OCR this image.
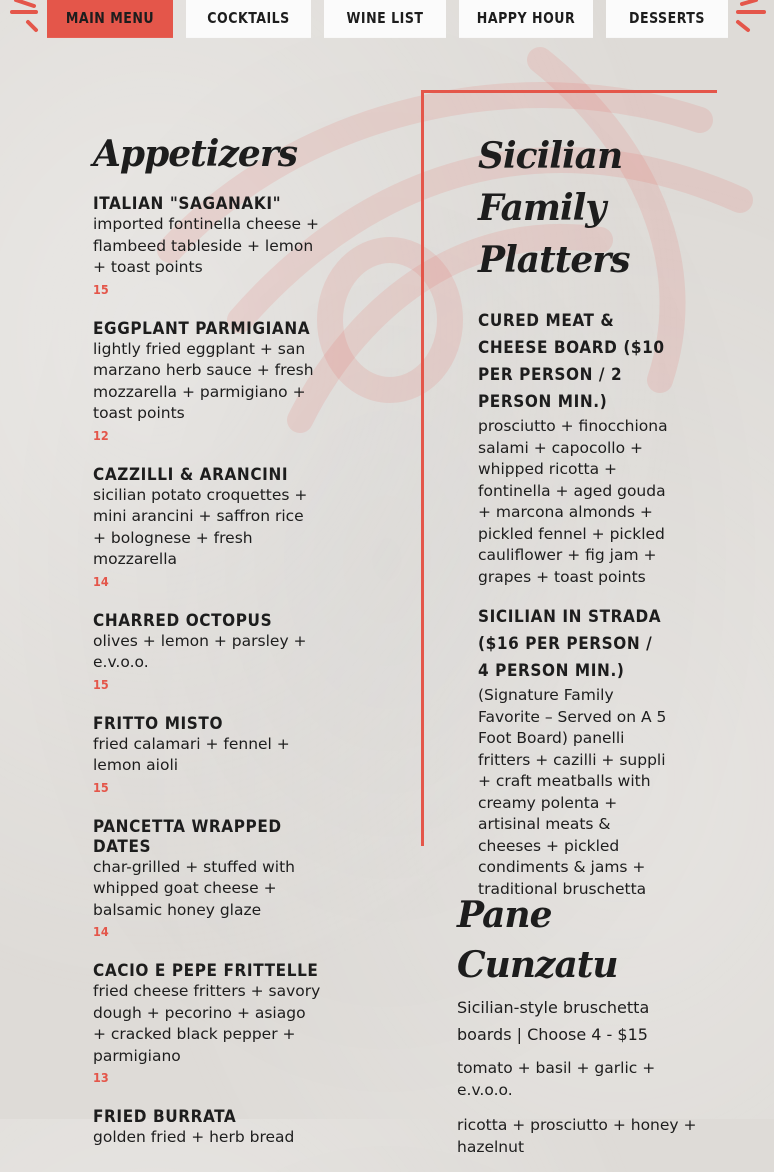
MAIN MENU	COCKTAILS	WINE LIST	HAPPY HOUR	DESSERTS
Appetizers
ITALIAN "SAGANAKI"
imported fontinella cheese + flambeed tableside + lemon + toast points
15
EGGPLANT PARMIGIANA
lightly fried eggplant + san marzano herb sauce + fresh mozzarella + parmigiano + toast points
12
CAZZILLI & ARANCINI
sicilian potato croquettes + mini arancini + saffron rice + bolognese + fresh mozzarella
14
CHARRED OCTOPUS
olives + lemon + parsley + e.v.o.o.
15
FRITTO MISTO
fried calamari + fennel + lemon aioli
15
PANCETTA WRAPPED DATES
char-grilled + stuffed with whipped goat cheese + balsamic honey glaze
14
CACIO E PEPE FRITTELLE
fried cheese fritters + savory dough + pecorino + asiago + cracked black pepper + parmigiano
13
FRIED BURRATA
golden fried + herb bread
Sicilian Family Platters
CURED MEAT & CHEESE BOARD ($10 PER PERSON / 2 PERSON MIN.)
prosciutto + finocchiona salami + capocollo + whipped ricotta + fontinella + aged gouda + marcona almonds + pickled fennel + pickled cauliflower + fig jam + grapes + toast points
SICILIAN IN STRADA ($16 PER PERSON / 4 PERSON MIN.)
(Signature Family Favorite – Served on A 5 Foot Board) panelli fritters + cazilli + suppli + craft meatballs with creamy polenta + artisinal meats & cheeses + pickled condiments & jams + traditional bruschetta
Pane Cunzatu
Sicilian-style bruschetta boards | Choose 4 - $15
tomato + basil + garlic + e.v.o.o.
ricotta + prosciutto + honey + hazelnut
